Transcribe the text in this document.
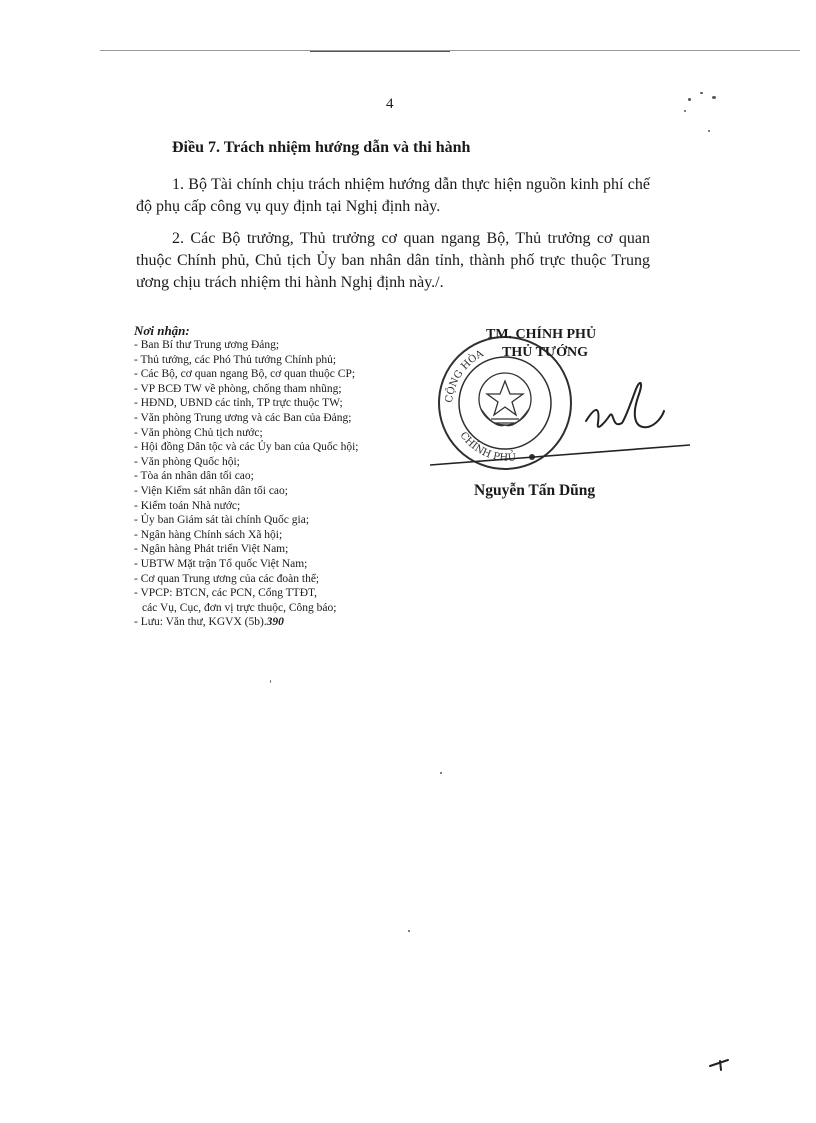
4
Điều 7. Trách nhiệm hướng dẫn và thi hành

1. Bộ Tài chính chịu trách nhiệm hướng dẫn thực hiện nguồn kinh phí chế độ phụ cấp công vụ quy định tại Nghị định này.

2. Các Bộ trưởng, Thủ trưởng cơ quan ngang Bộ, Thủ trưởng cơ quan thuộc Chính phủ, Chủ tịch Ủy ban nhân dân tỉnh, thành phố trực thuộc Trung ương chịu trách nhiệm thi hành Nghị định này./.

Nơi nhận:
- Ban Bí thư Trung ương Đảng;
- Thủ tướng, các Phó Thủ tướng Chính phủ;
- Các Bộ, cơ quan ngang Bộ, cơ quan thuộc CP;
- VP BCĐ TW về phòng, chống tham nhũng;
- HĐND, UBND các tỉnh, TP trực thuộc TW;
- Văn phòng Trung ương và các Ban của Đảng;
- Văn phòng Chủ tịch nước;
- Hội đồng Dân tộc và các Ủy ban của Quốc hội;
- Văn phòng Quốc hội;
- Tòa án nhân dân tối cao;
- Viện Kiểm sát nhân dân tối cao;
- Kiểm toán Nhà nước;
- Ủy ban Giám sát tài chính Quốc gia;
- Ngân hàng Chính sách Xã hội;
- Ngân hàng Phát triển Việt Nam;
- UBTW Mặt trận Tổ quốc Việt Nam;
- Cơ quan Trung ương của các đoàn thể;
- VPCP: BTCN, các PCN, Cổng TTĐT,
các Vụ, Cục, đơn vị trực thuộc, Công báo;
- Lưu: Văn thư, KGVX (5b).⁠390
CỘNG HÒA
CHÍNH PHỦ
TM. CHÍNH PHỦ
THỦ TƯỚNG
Nguyễn Tấn Dũng
